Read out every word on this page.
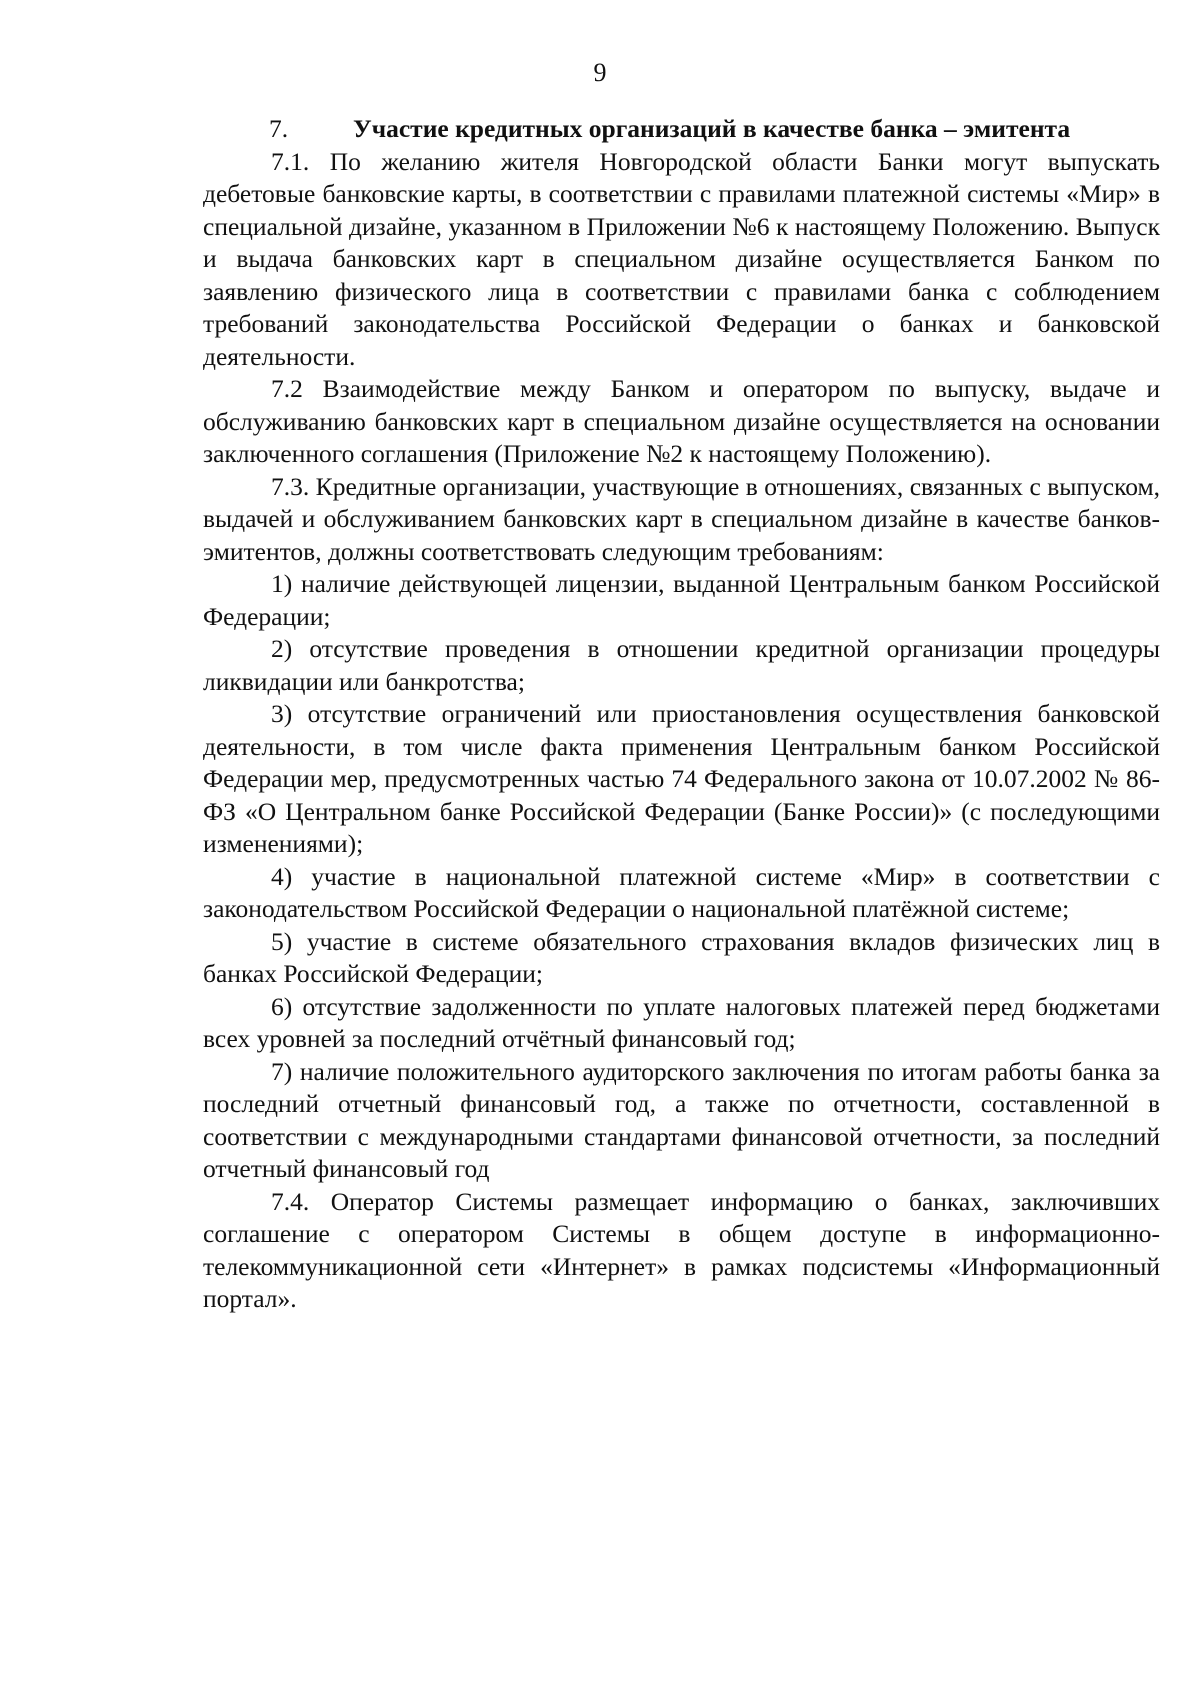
9

7.	Участие кредитных организаций в качестве банка – эмитента

7.1. По желанию жителя Новгородской области Банки могут выпускать дебетовые банковские карты, в соответствии с правилами платежной системы «Мир» в специальной дизайне, указанном в Приложении №6 к настоящему Положению. Выпуск и выдача банковских карт в специальном дизайне осуществляется Банком по заявлению физического лица в соответствии с правилами банка с соблюдением требований законодательства Российской Федерации о банках и банковской деятельности.

7.2 Взаимодействие между Банком и оператором по выпуску, выдаче и обслуживанию банковских карт в специальном дизайне осуществляется на основании заключенного соглашения (Приложение №2 к настоящему Положению).

7.3. Кредитные организации, участвующие в отношениях, связанных с выпуском, выдачей и обслуживанием банковских карт в специальном дизайне в качестве банков-эмитентов, должны соответствовать следующим требованиям:

1) наличие действующей лицензии, выданной Центральным банком Российской Федерации;

2) отсутствие проведения в отношении кредитной организации процедуры ликвидации или банкротства;

3) отсутствие ограничений или приостановления осуществления банковской деятельности, в том числе факта применения Центральным банком Российской Федерации мер, предусмотренных частью 74 Федерального закона от 10.07.2002 № 86-ФЗ «О Центральном банке Российской Федерации (Банке России)» (с последующими изменениями);

4) участие в национальной платежной системе «Мир» в соответствии с законодательством Российской Федерации о национальной платёжной системе;

5) участие в системе обязательного страхования вкладов физических лиц в банках Российской Федерации;

6) отсутствие задолженности по уплате налоговых платежей перед бюджетами всех уровней за последний отчётный финансовый год;

7) наличие положительного аудиторского заключения по итогам работы банка за последний отчетный финансовый год, а также по отчетности, составленной в соответствии с международными стандартами финансовой отчетности, за последний отчетный финансовый год

7.4. Оператор Системы размещает информацию о банках, заключивших соглашение с оператором Системы в общем доступе в информационно-телекоммуникационной сети «Интернет» в рамках подсистемы «Информационный портал».
